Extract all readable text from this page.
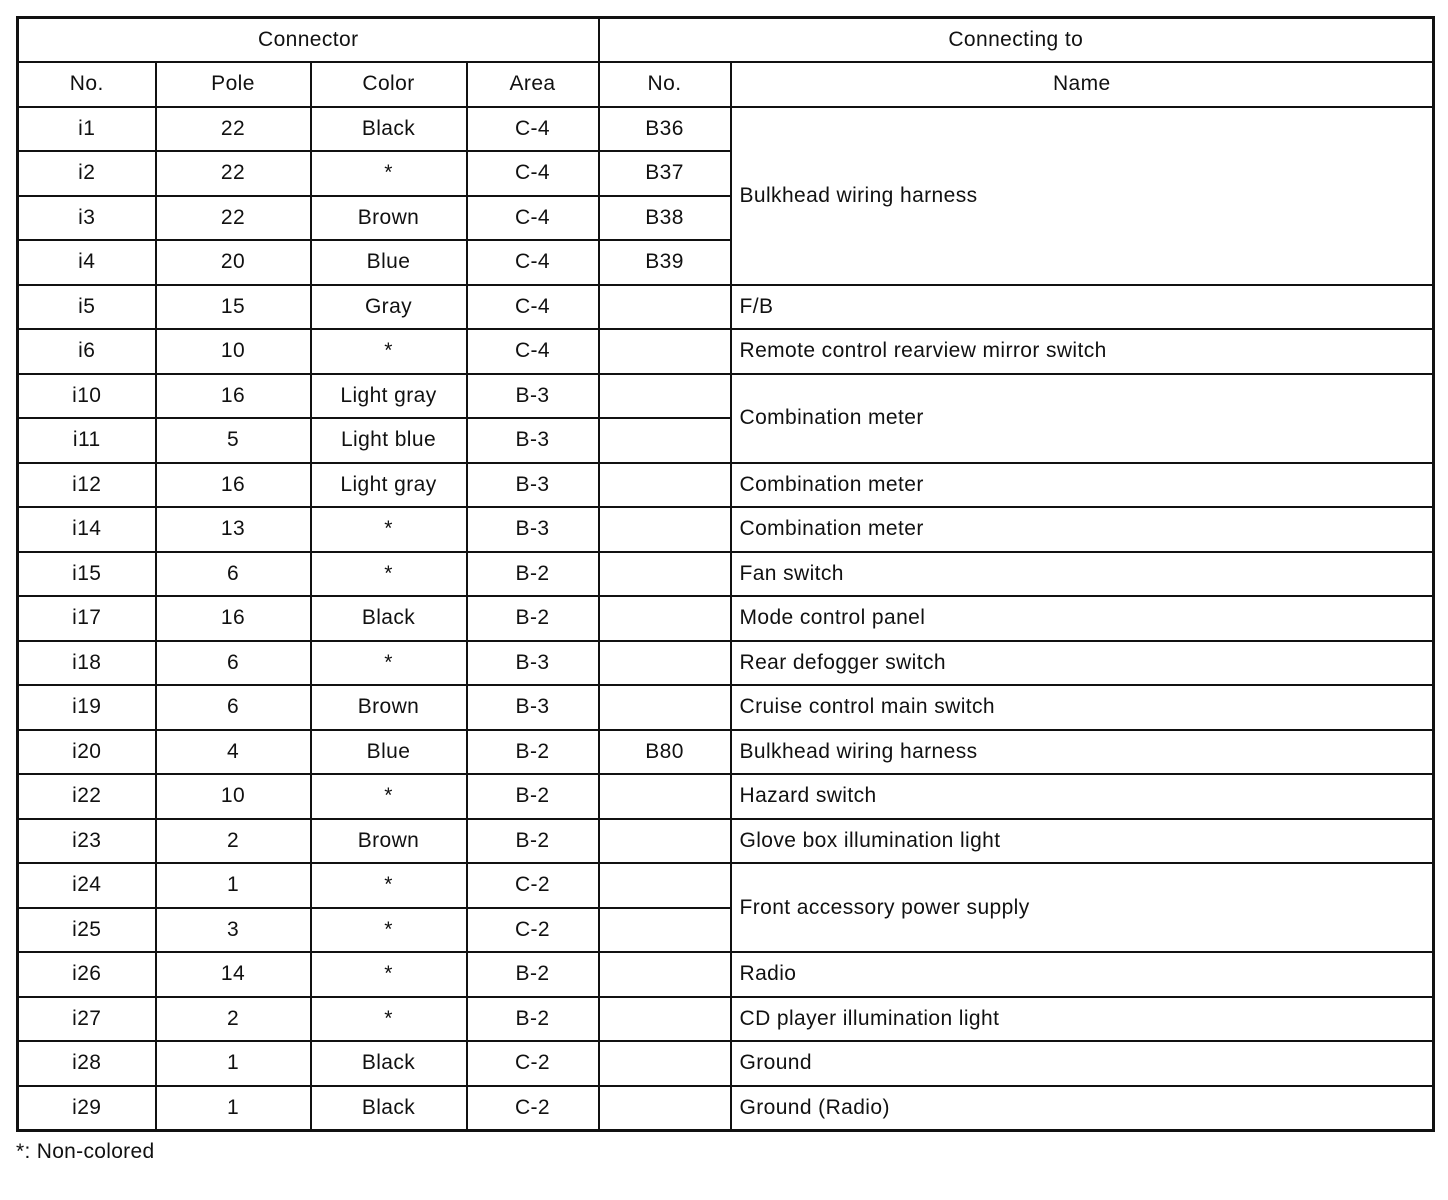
Connector				Connecting to	
No.	Pole	Color	Area	No.	Name
i1	22	Black	C-4	B36	Bulkhead wiring harness
i2	22	*	C-4	B37	
i3	22	Brown	C-4	B38	
i4	20	Blue	C-4	B39	
i5	15	Gray	C-4		F/B
i6	10	*	C-4		Remote control rearview mirror switch
i10	16	Light gray	B-3		Combination meter
i11	5	Light blue	B-3		
i12	16	Light gray	B-3		Combination meter
i14	13	*	B-3		Combination meter
i15	6	*	B-2		Fan switch
i17	16	Black	B-2		Mode control panel
i18	6	*	B-3		Rear defogger switch
i19	6	Brown	B-3		Cruise control main switch
i20	4	Blue	B-2	B80	Bulkhead wiring harness
i22	10	*	B-2		Hazard switch
i23	2	Brown	B-2		Glove box illumination light
i24	1	*	C-2		Front accessory power supply
i25	3	*	C-2		
i26	14	*	B-2		Radio
i27	2	*	B-2		CD player illumination light
i28	1	Black	C-2		Ground
i29	1	Black	C-2		Ground (Radio)
*: Non-colored
